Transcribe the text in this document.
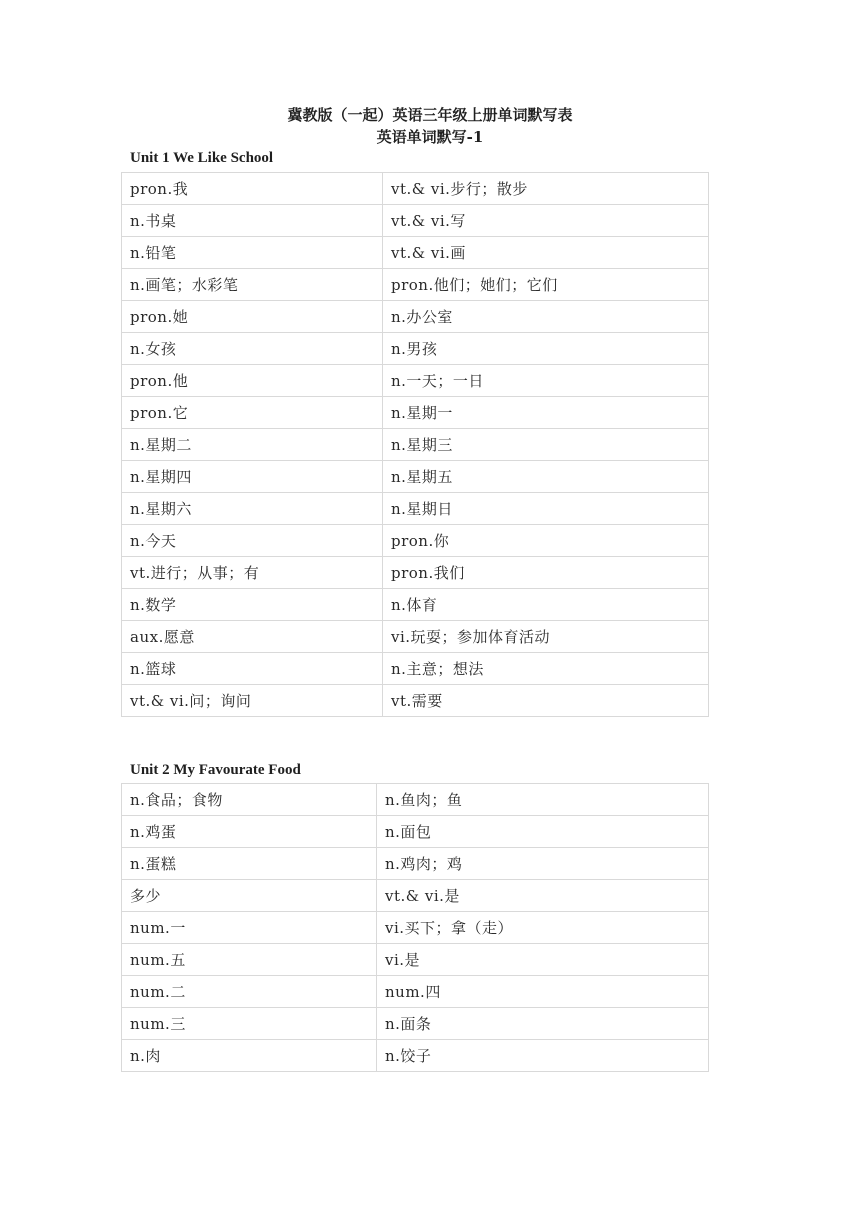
冀教版（一起）英语三年级上册单词默写表
英语单词默写-1
Unit 1 We Like School
pron.我	vt.& vi.步行；散步
n.书桌	vt.& vi.写
n.铅笔	vt.& vi.画
n.画笔；水彩笔	pron.他们；她们；它们
pron.她	n.办公室
n.女孩	n.男孩
pron.他	n.一天；一日
pron.它	n.星期一
n.星期二	n.星期三
n.星期四	n.星期五
n.星期六	n.星期日
n.今天	pron.你
vt.进行；从事；有	pron.我们
n.数学	n.体育
aux.愿意	vi.玩耍；参加体育活动
n.篮球	n.主意；想法
vt.& vi.问；询问	vt.需要
Unit 2 My Favourate Food
n.食品；食物	n.鱼肉；鱼
n.鸡蛋	n.面包
n.蛋糕	n.鸡肉；鸡
多少	vt.& vi.是
num.一	vi.买下；拿（走）
num.五	vi.是
num.二	num.四
num.三	n.面条
n.肉	n.饺子
